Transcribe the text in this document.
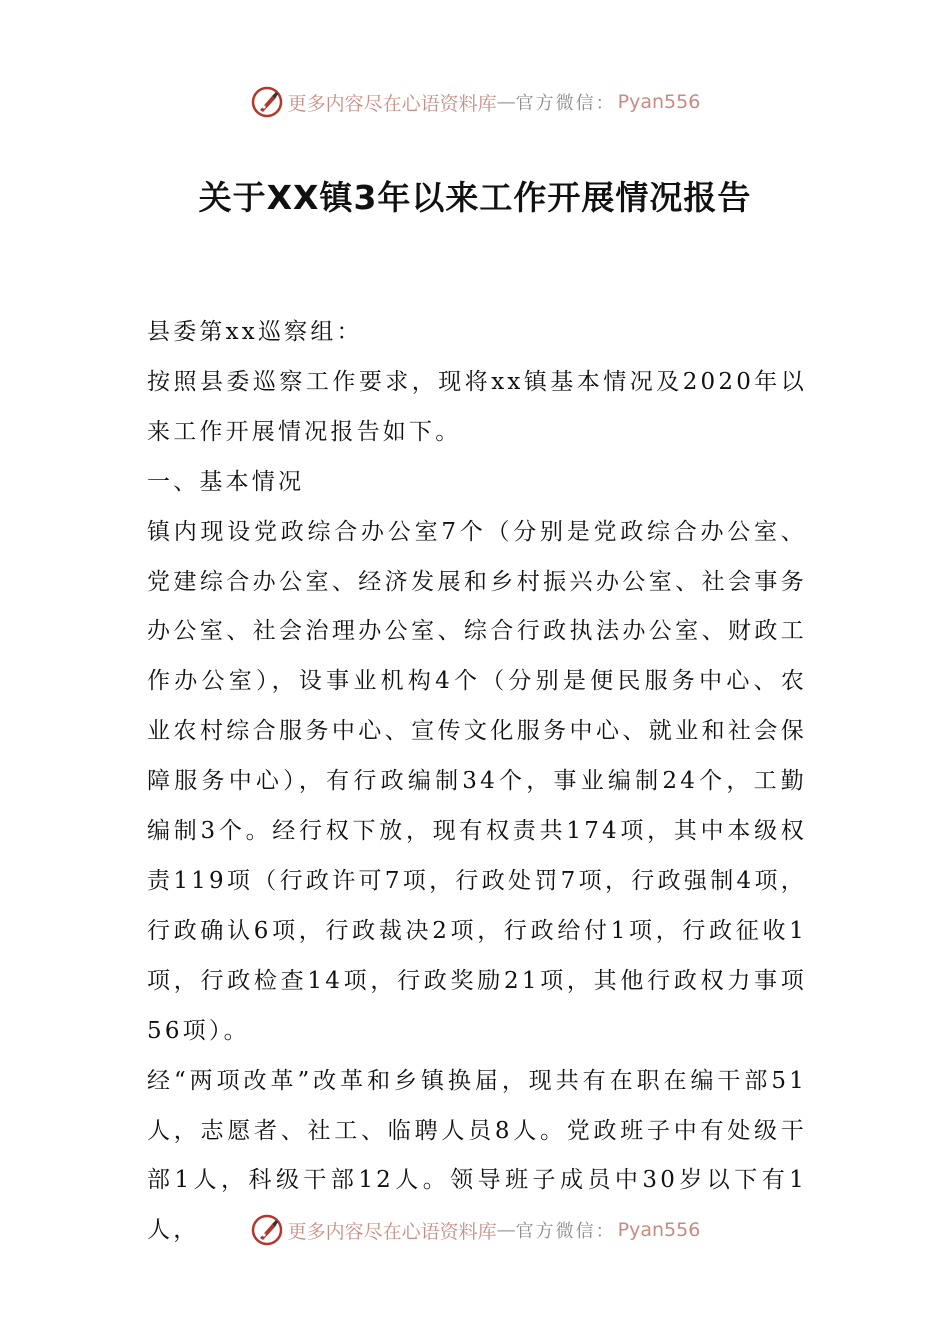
更多内容尽在心语资料库 — 官方微信： Pyan556
关于XX镇3年以来工作开展情况报告

县委第xx巡察组：

按照县委巡察工作要求，现将xx镇基本情况及2020年以来工作开展情况报告如下。

一、基本情况

镇内现设党政综合办公室7个（分别是党政综合办公室、党建综合办公室、经济发展和乡村振兴办公室、社会事务办公室、社会治理办公室、综合行政执法办公室、财政工作办公室），设事业机构4个（分别是便民服务中心、农业农村综合服务中心、宣传文化服务中心、就业和社会保障服务中心），有行政编制34个，事业编制24个，工勤编制3个。经行权下放，现有权责共174项，其中本级权责119项（行政许可7项，行政处罚7项，行政强制4项，行政确认6项，行政裁决2项，行政给付1项，行政征收1项，行政检查14项，行政奖励21项，其他行政权力事项56项）。

经“两项改革”改革和乡镇换届，现共有在职在编干部51人，志愿者、社工、临聘人员8人。党政班子中有处级干部1人，科级干部12人。领导班子成员中30岁以下有1人，	更多内容尽在心语资料库 — 官方微信： Pyan556
